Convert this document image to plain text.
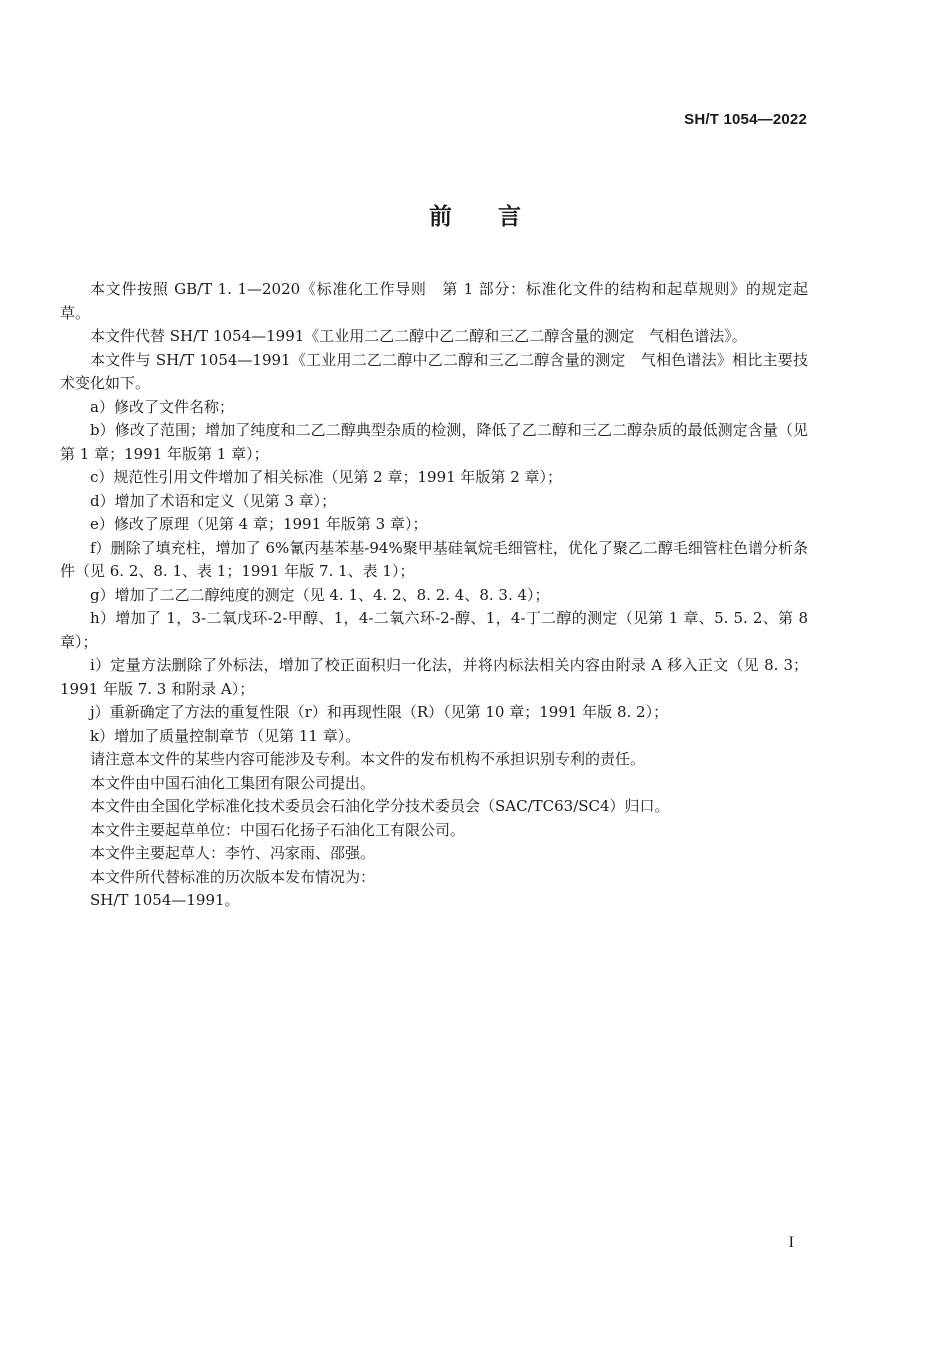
SH/T 1054—2022
前 言

本文件按照 GB/T 1. 1—2020《标准化工作导则　第 1 部分：标准化文件的结构和起草规则》的规定起草。

本文件代替 SH/T 1054—1991《工业用二乙二醇中乙二醇和三乙二醇含量的测定　气相色谱法》。

本文件与 SH/T 1054—1991《工业用二乙二醇中乙二醇和三乙二醇含量的测定　气相色谱法》相比主要技术变化如下。

a）修改了文件名称；

b）修改了范围；增加了纯度和二乙二醇典型杂质的检测，降低了乙二醇和三乙二醇杂质的最低测定含量（见第 1 章；1991 年版第 1 章）；

c）规范性引用文件增加了相关标准（见第 2 章；1991 年版第 2 章）；

d）增加了术语和定义（见第 3 章）；

e）修改了原理（见第 4 章；1991 年版第 3 章）；

f）删除了填充柱，增加了 6%氰丙基苯基-94%聚甲基硅氧烷毛细管柱，优化了聚乙二醇毛细管柱色谱分析条件（见 6. 2、8. 1、表 1；1991 年版 7. 1、表 1）；

g）增加了二乙二醇纯度的测定（见 4. 1、4. 2、8. 2. 4、8. 3. 4）；

h）增加了 1，3-二氧戊环-2-甲醇、1，4-二氧六环-2-醇、1，4-丁二醇的测定（见第 1 章、5. 5. 2、第 8 章）；

i）定量方法删除了外标法，增加了校正面积归一化法，并将内标法相关内容由附录 A 移入正文（见 8. 3；1991 年版 7. 3 和附录 A）；

j）重新确定了方法的重复性限（r）和再现性限（R）（见第 10 章；1991 年版 8. 2）；

k）增加了质量控制章节（见第 11 章）。

请注意本文件的某些内容可能涉及专利。本文件的发布机构不承担识别专利的责任。

本文件由中国石油化工集团有限公司提出。

本文件由全国化学标准化技术委员会石油化学分技术委员会（SAC/TC63/SC4）归口。

本文件主要起草单位：中国石化扬子石油化工有限公司。

本文件主要起草人：李竹、冯家雨、邵强。

本文件所代替标准的历次版本发布情况为：

SH/T 1054—1991。

I
